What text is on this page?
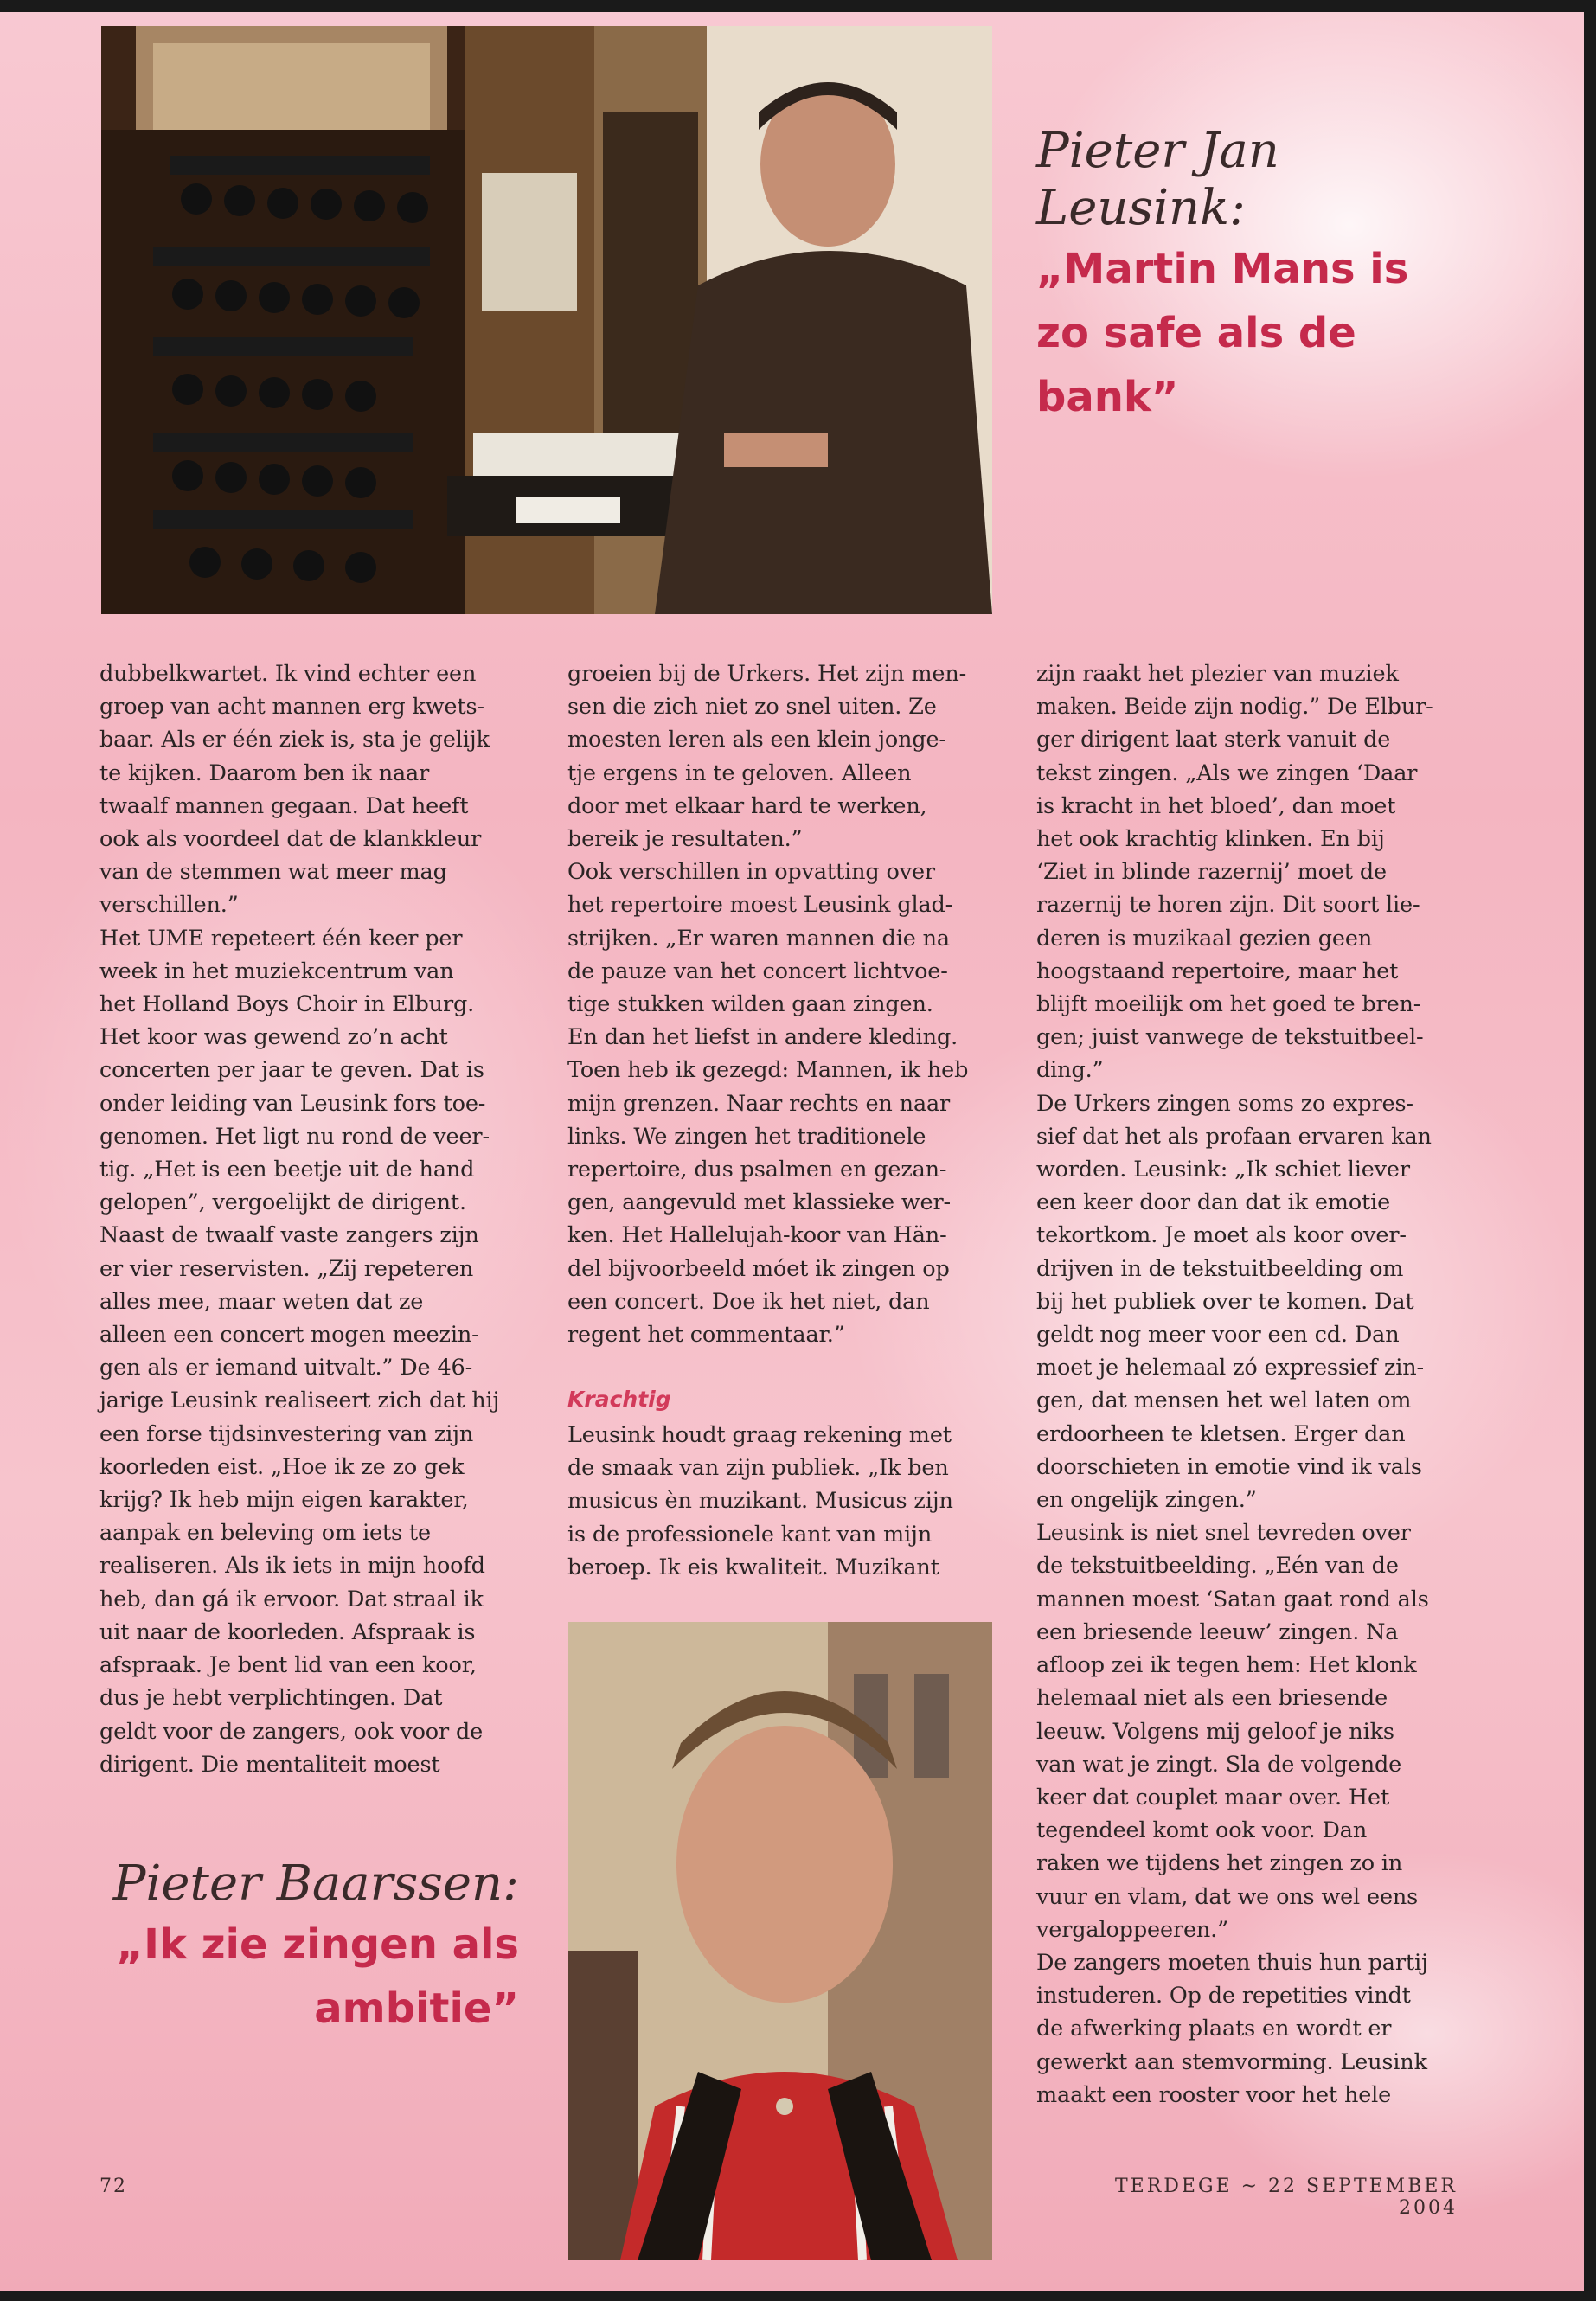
Pieter Jan
Leusink:
„Martin Mans is
zo safe als de
bank”
dubbelkwartet. Ik vind echter een
groep van acht mannen erg kwets-
baar. Als er één ziek is, sta je gelijk
te kijken. Daarom ben ik naar
twaalf mannen gegaan. Dat heeft
ook als voordeel dat de klankkleur
van de stemmen wat meer mag
verschillen.”
Het UME repeteert één keer per
week in het muziekcentrum van
het Holland Boys Choir in Elburg.
Het koor was gewend zo’n acht
concerten per jaar te geven. Dat is
onder leiding van Leusink fors toe-
genomen. Het ligt nu rond de veer-
tig. „Het is een beetje uit de hand
gelopen”, vergoelijkt de dirigent.
Naast de twaalf vaste zangers zijn
er vier reservisten. „Zij repeteren
alles mee, maar weten dat ze
alleen een concert mogen meezin-
gen als er iemand uitvalt.” De 46-
jarige Leusink realiseert zich dat hij
een forse tijdsinvestering van zijn
koorleden eist. „Hoe ik ze zo gek
krijg? Ik heb mijn eigen karakter,
aanpak en beleving om iets te
realiseren. Als ik iets in mijn hoofd
heb, dan gá ik ervoor. Dat straal ik
uit naar de koorleden. Afspraak is
afspraak. Je bent lid van een koor,
dus je hebt verplichtingen. Dat
geldt voor de zangers, ook voor de
dirigent. Die mentaliteit moest
groeien bij de Urkers. Het zijn men-
sen die zich niet zo snel uiten. Ze
moesten leren als een klein jonge-
tje ergens in te geloven. Alleen
door met elkaar hard te werken,
bereik je resultaten.”
Ook verschillen in opvatting over
het repertoire moest Leusink glad-
strijken. „Er waren mannen die na
de pauze van het concert lichtvoe-
tige stukken wilden gaan zingen.
En dan het liefst in andere kleding.
Toen heb ik gezegd: Mannen, ik heb
mijn grenzen. Naar rechts en naar
links. We zingen het traditionele
repertoire, dus psalmen en gezan-
gen, aangevuld met klassieke wer-
ken. Het Hallelujah-koor van Hän-
del bijvoorbeeld móet ik zingen op
een concert. Doe ik het niet, dan
regent het commentaar.”
Krachtig
Leusink houdt graag rekening met
de smaak van zijn publiek. „Ik ben
musicus èn muzikant. Musicus zijn
is de professionele kant van mijn
beroep. Ik eis kwaliteit. Muzikant
zijn raakt het plezier van muziek
maken. Beide zijn nodig.” De Elbur-
ger dirigent laat sterk vanuit de
tekst zingen. „Als we zingen ‘Daar
is kracht in het bloed’, dan moet
het ook krachtig klinken. En bij
‘Ziet in blinde razernij’ moet de
razernij te horen zijn. Dit soort lie-
deren is muzikaal gezien geen
hoogstaand repertoire, maar het
blijft moeilijk om het goed te bren-
gen; juist vanwege de tekstuitbeel-
ding.”
De Urkers zingen soms zo expres-
sief dat het als profaan ervaren kan
worden. Leusink: „Ik schiet liever
een keer door dan dat ik emotie
tekortkom. Je moet als koor over-
drijven in de tekstuitbeelding om
bij het publiek over te komen. Dat
geldt nog meer voor een cd. Dan
moet je helemaal zó expressief zin-
gen, dat mensen het wel laten om
erdoorheen te kletsen. Erger dan
doorschieten in emotie vind ik vals
en ongelijk zingen.”
Leusink is niet snel tevreden over
de tekstuitbeelding. „Eén van de
mannen moest ‘Satan gaat rond als
een briesende leeuw’ zingen. Na
afloop zei ik tegen hem: Het klonk
helemaal niet als een briesende
leeuw. Volgens mij geloof je niks
van wat je zingt. Sla de volgende
keer dat couplet maar over. Het
tegendeel komt ook voor. Dan
raken we tijdens het zingen zo in
vuur en vlam, dat we ons wel eens
vergaloppeeren.”
De zangers moeten thuis hun partij
instuderen. Op de repetities vindt
de afwerking plaats en wordt er
gewerkt aan stemvorming. Leusink
maakt een rooster voor het hele
Pieter Baarssen:
„Ik zie zingen als
ambitie”
72	TERDEGE ~ 22 SEPTEMBER 2004
